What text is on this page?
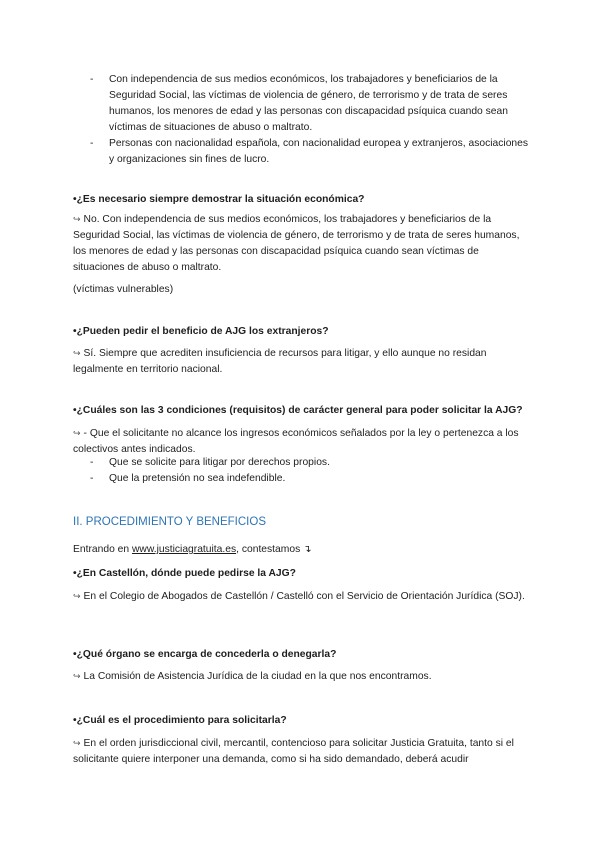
- Con independencia de sus medios económicos, los trabajadores y beneficiarios de la Seguridad Social, las víctimas de violencia de género, de terrorismo y de trata de seres humanos, los menores de edad y las personas con discapacidad psíquica cuando sean víctimas de situaciones de abuso o maltrato.
- Personas con nacionalidad española, con nacionalidad europea y extranjeros, asociaciones y organizaciones sin fines de lucro.
•¿Es necesario siempre demostrar la situación económica?
↪ No. Con independencia de sus medios económicos, los trabajadores y beneficiarios de la Seguridad Social, las víctimas de violencia de género, de terrorismo y de trata de seres humanos, los menores de edad y las personas con discapacidad psíquica cuando sean víctimas de situaciones de abuso o maltrato.
(víctimas vulnerables)
•¿Pueden pedir el beneficio de AJG los extranjeros?
↪ Sí. Siempre que acrediten insuficiencia de recursos para litigar, y ello aunque no residan legalmente en territorio nacional.
•¿Cuáles son las 3 condiciones (requisitos) de carácter general para poder solicitar la AJG?
↪ - Que el solicitante no alcance los ingresos económicos señalados por la ley o pertenezca a los colectivos antes indicados.
- Que se solicite para litigar por derechos propios.
- Que la pretensión no sea indefendible.
II. PROCEDIMIENTO Y BENEFICIOS
Entrando en www.justiciagratuita.es, contestamos ↴
•¿En Castellón, dónde puede pedirse la AJG?
↪ En el Colegio de Abogados de Castellón / Castelló con el Servicio de Orientación Jurídica (SOJ).
•¿Qué órgano se encarga de concederla o denegarla?
↪ La Comisión de Asistencia Jurídica de la ciudad en la que nos encontramos.
•¿Cuál es el procedimiento para solicitarla?
↪ En el orden jurisdiccional civil, mercantil, contencioso para solicitar Justicia Gratuita, tanto si el solicitante quiere interponer una demanda, como si ha sido demandado, deberá acudir
